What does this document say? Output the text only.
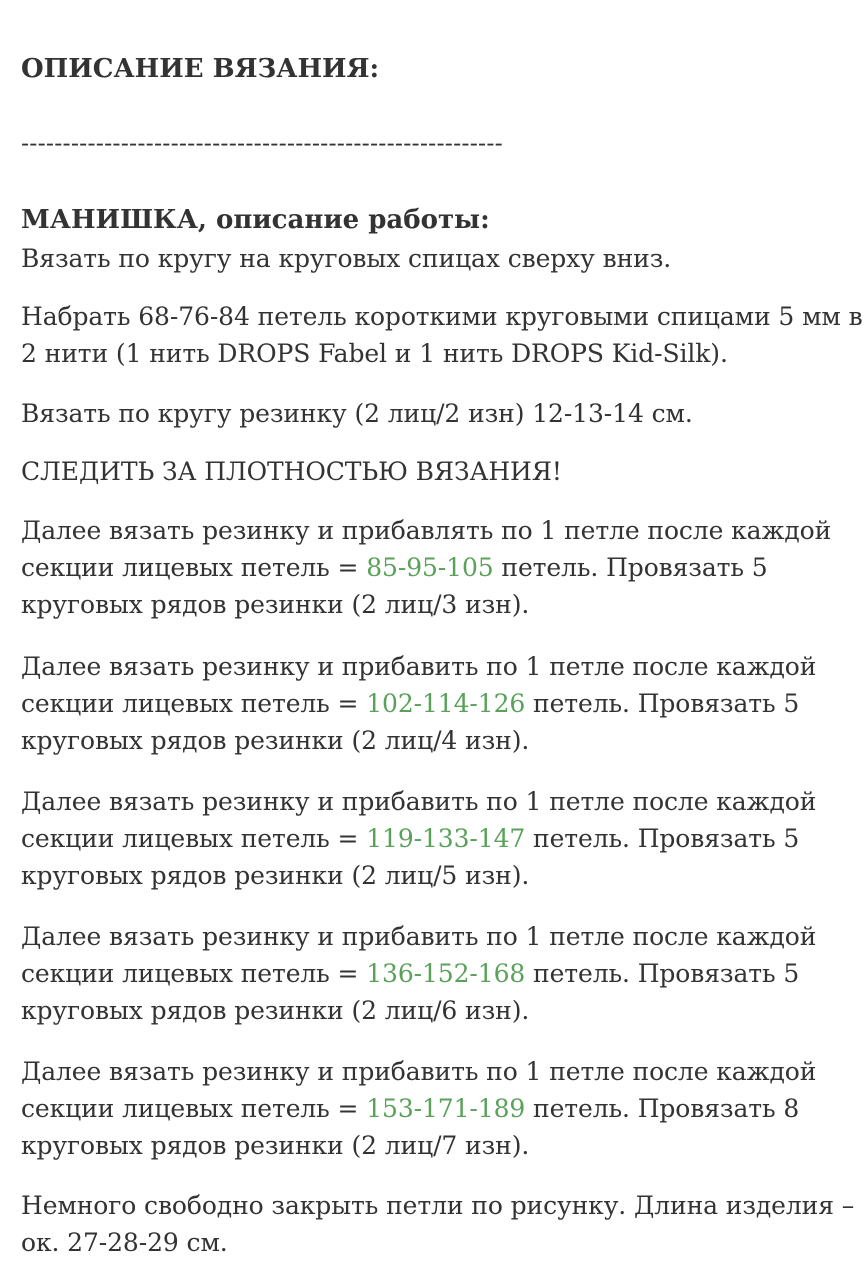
ОПИСАНИЕ ВЯЗАНИЯ:
----------------------------------------------------------
МАНИШКА, описание работы:

Вязать по кругу на круговых спицах сверху вниз.

Набрать 68-76-84 петель короткими круговыми спицами 5 мм в
2 нити (1 нить DROPS Fabel и 1 нить DROPS Kid-Silk).

Вязать по кругу резинку (2 лиц/2 изн) 12-13-14 см.

СЛЕДИТЬ ЗА ПЛОТНОСТЬЮ ВЯЗАНИЯ!

Далее вязать резинку и прибавлять по 1 петле после каждой
секции лицевых петель = 85-95-105 петель. Провязать 5
круговых рядов резинки (2 лиц/3 изн).

Далее вязать резинку и прибавить по 1 петле после каждой
секции лицевых петель = 102-114-126 петель. Провязать 5
круговых рядов резинки (2 лиц/4 изн).

Далее вязать резинку и прибавить по 1 петле после каждой
секции лицевых петель = 119-133-147 петель. Провязать 5
круговых рядов резинки (2 лиц/5 изн).

Далее вязать резинку и прибавить по 1 петле после каждой
секции лицевых петель = 136-152-168 петель. Провязать 5
круговых рядов резинки (2 лиц/6 изн).

Далее вязать резинку и прибавить по 1 петле после каждой
секции лицевых петель = 153-171-189 петель. Провязать 8
круговых рядов резинки (2 лиц/7 изн).

Немного свободно закрыть петли по рисунку. Длина изделия –
ок. 27-28-29 см.
